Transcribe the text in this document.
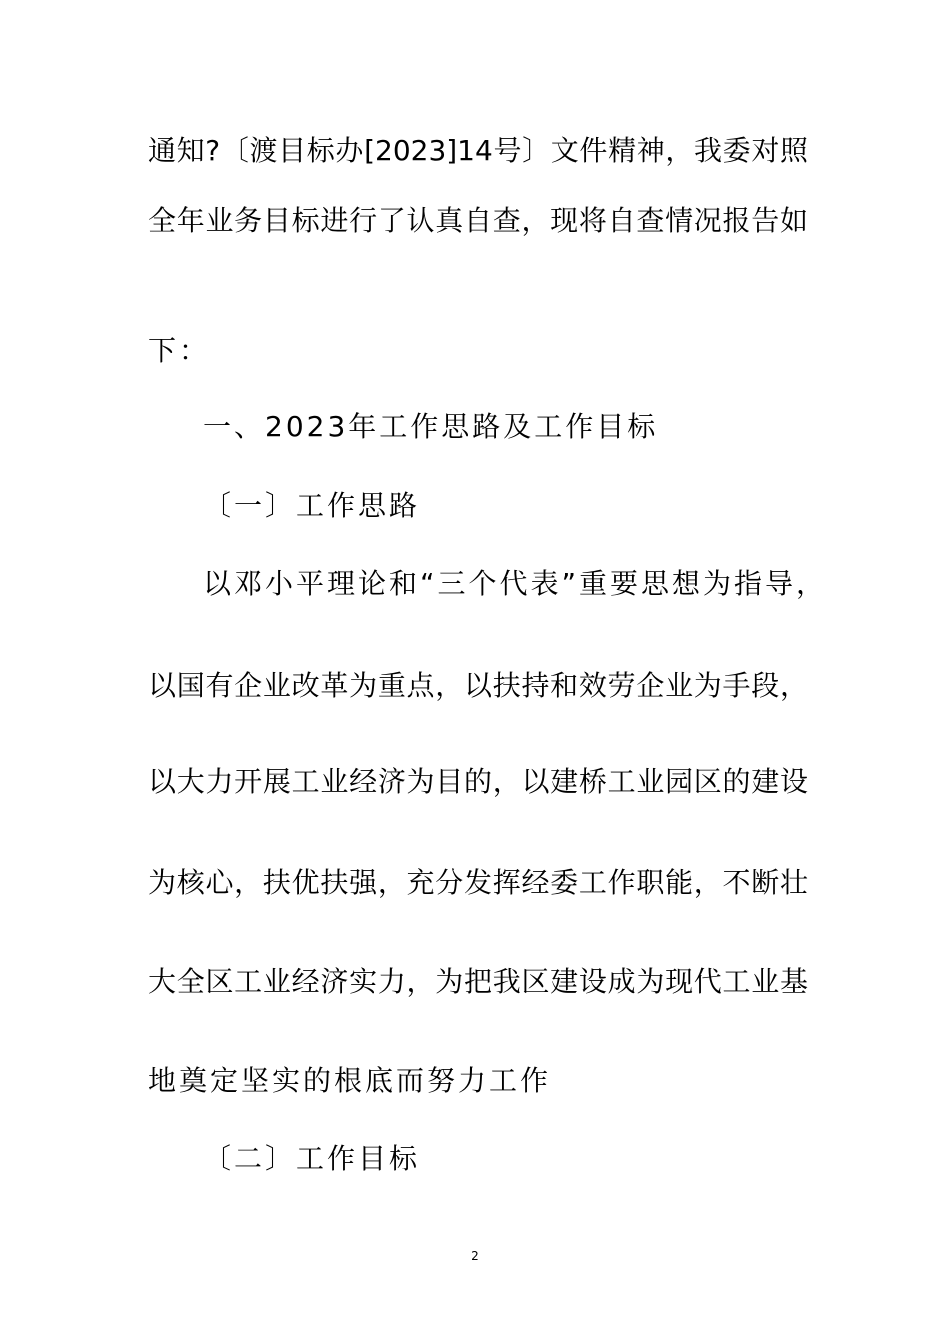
通知?〔渡目标办[2023]14号〕文件精神，我委对照
全年业务目标进行了认真自查，现将自查情况报告如
下：
一、2023年工作思路及工作目标
〔一〕工作思路
以邓小平理论和“三个代表”重要思想为指导，
以国有企业改革为重点，以扶持和效劳企业为手段，
以大力开展工业经济为目的，以建桥工业园区的建设
为核心，扶优扶强，充分发挥经委工作职能，不断壮
大全区工业经济实力，为把我区建设成为现代工业基
地奠定坚实的根底而努力工作
〔二〕工作目标
2
